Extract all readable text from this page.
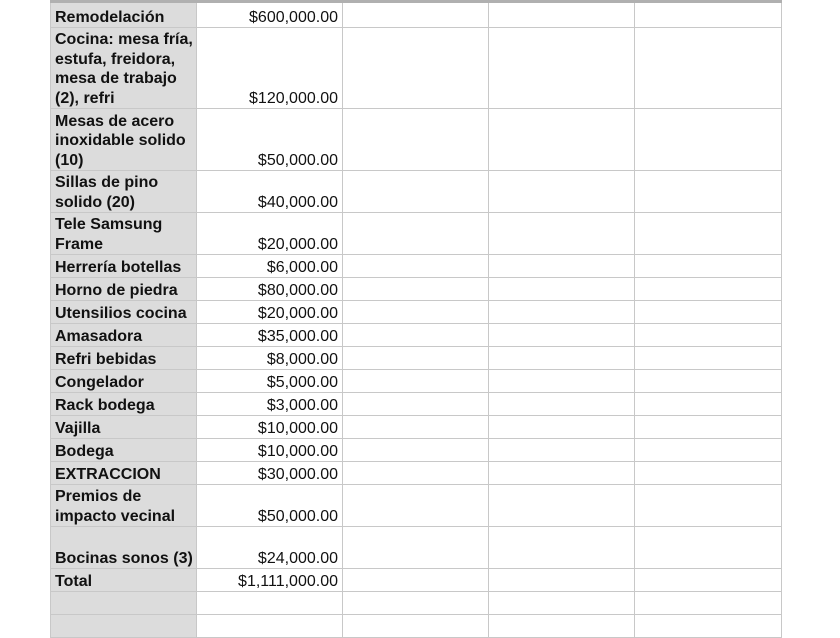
Remodelación	$600,000.00			
Cocina: mesa fría, estufa, freidora, mesa de trabajo (2), refri	$120,000.00			
Mesas de acero inoxidable solido (10)	$50,000.00			
Sillas de pino solido (20)	$40,000.00			
Tele Samsung Frame	$20,000.00			
Herrería botellas	$6,000.00			
Horno de piedra	$80,000.00			
Utensilios cocina	$20,000.00			
Amasadora	$35,000.00			
Refri bebidas	$8,000.00			
Congelador	$5,000.00			
Rack bodega	$3,000.00			
Vajilla	$10,000.00			
Bodega	$10,000.00			
EXTRACCION	$30,000.00			
Premios de impacto vecinal	$50,000.00			
Bocinas sonos (3)	$24,000.00			
Total	$1,111,000.00			
